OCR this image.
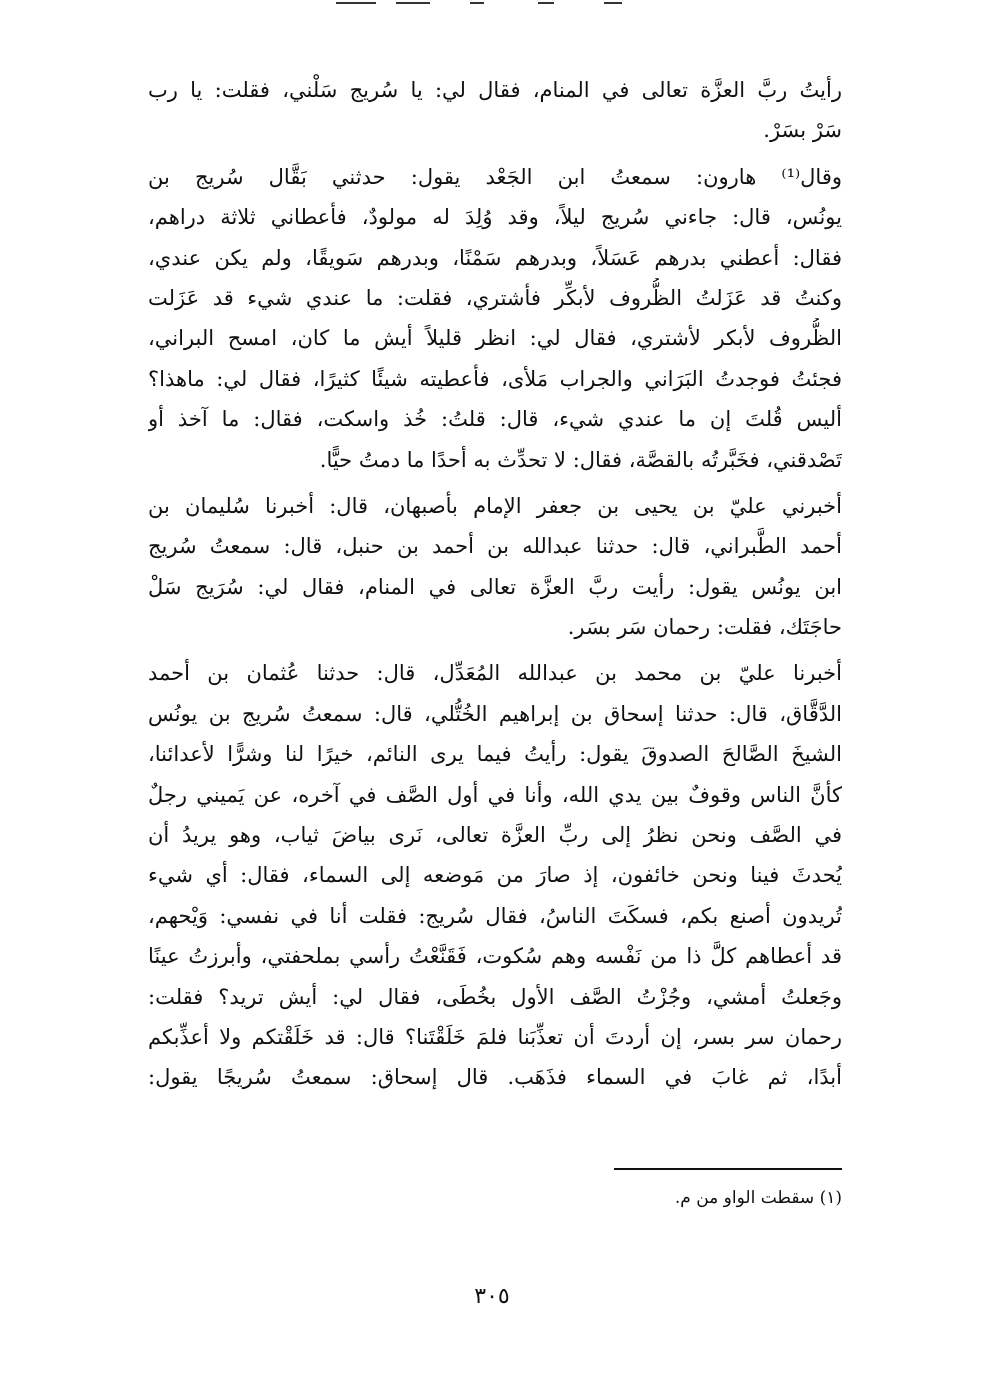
رأيتُ ربَّ العزَّة تعالى في المنام، فقال لي: يا سُريج سَلْني، فقلت: يا رب
سَرْ بسَرْ.
وقال⁽¹⁾ هارون: سمعتُ ابن الجَعْد يقول: حدثني بَقَّال سُريج بن
يونُس، قال: جاءني سُريج ليلاً، وقد وُلِدَ له مولودٌ، فأعطاني ثلاثة دراهم،
فقال: أعطني بدرهم عَسَلاً، وبدرهم سَمْنًا، وبدرهم سَويقًا، ولم يكن عندي،
وكنتُ قد عَزَلتُ الظُّروف لأبكِّر فأشتري، فقلت: ما عندي شيء قد عَزَلت
الظُّروف لأبكر لأشتري، فقال لي: انظر قليلاً أيش ما كان، امسح البراني،
فجئتُ فوجدتُ البَرَاني والجراب مَلأى، فأعطيته شيئًا كثيرًا، فقال لي: ماهذا؟
أليس قُلتَ إن ما عندي شيء، قال: قلتُ: خُذ واسكت، فقال: ما آخذ أو
تَصْدقني، فخَبَّرتُه بالقصَّة، فقال: لا تحدِّث به أحدًا ما دمتُ حيًّا.
أخبرني عليّ بن يحيى بن جعفر الإمام بأصبهان، قال: أخبرنا سُليمان بن
أحمد الطَّبراني، قال: حدثنا عبدالله بن أحمد بن حنبل، قال: سمعتُ سُريج
ابن يونُس يقول: رأيت ربَّ العزَّة تعالى في المنام، فقال لي: سُرَيج سَلْ
حاجَتَك، فقلت: رحمان سَر بسَر.
أخبرنا عليّ بن محمد بن عبدالله المُعَدِّل، قال: حدثنا عُثمان بن أحمد
الدَّقَّاق، قال: حدثنا إسحاق بن إبراهيم الخُتُّلي، قال: سمعتُ سُريج بن يونُس
الشيخَ الصَّالحَ الصدوقَ يقول: رأيتُ فيما يرى النائم، خيرًا لنا وشرًّا لأعدائنا،
كأنَّ الناس وقوفٌ بين يدي الله، وأنا في أول الصَّف في آخره، عن يَميني رجلٌ
في الصَّف ونحن نظرُ إلى ربِّ العزَّة تعالى، نَرى بياضَ ثياب، وهو يريدُ أن
يُحدثَ فينا ونحن خائفون، إذ صارَ من مَوضعه إلى السماء، فقال: أي شيء
تُريدون أصنع بكم، فسكَتَ الناسُ، فقال سُريج: فقلت أنا في نفسي: وَيْحهم،
قد أعطاهم كلَّ ذا من نَفْسه وهم سُكوت، فَقَنَّعْتُ رأسي بملحفتي، وأبرزتُ عينًا
وجَعلتُ أمشي، وجُزْتُ الصَّف الأول بخُطَى، فقال لي: أيش تريد؟ فقلت:
رحمان سر بسر، إن أردتَ أن تعذِّبَنا فلمَ خَلَقْتَنا؟ قال: قد خَلَقْتكم ولا أعذِّبكم
أبدًا، ثم غابَ في السماء فذَهَب. قال إسحاق: سمعتُ سُريجًا يقول:
(١) سقطت الواو من م.
٣٠٥
